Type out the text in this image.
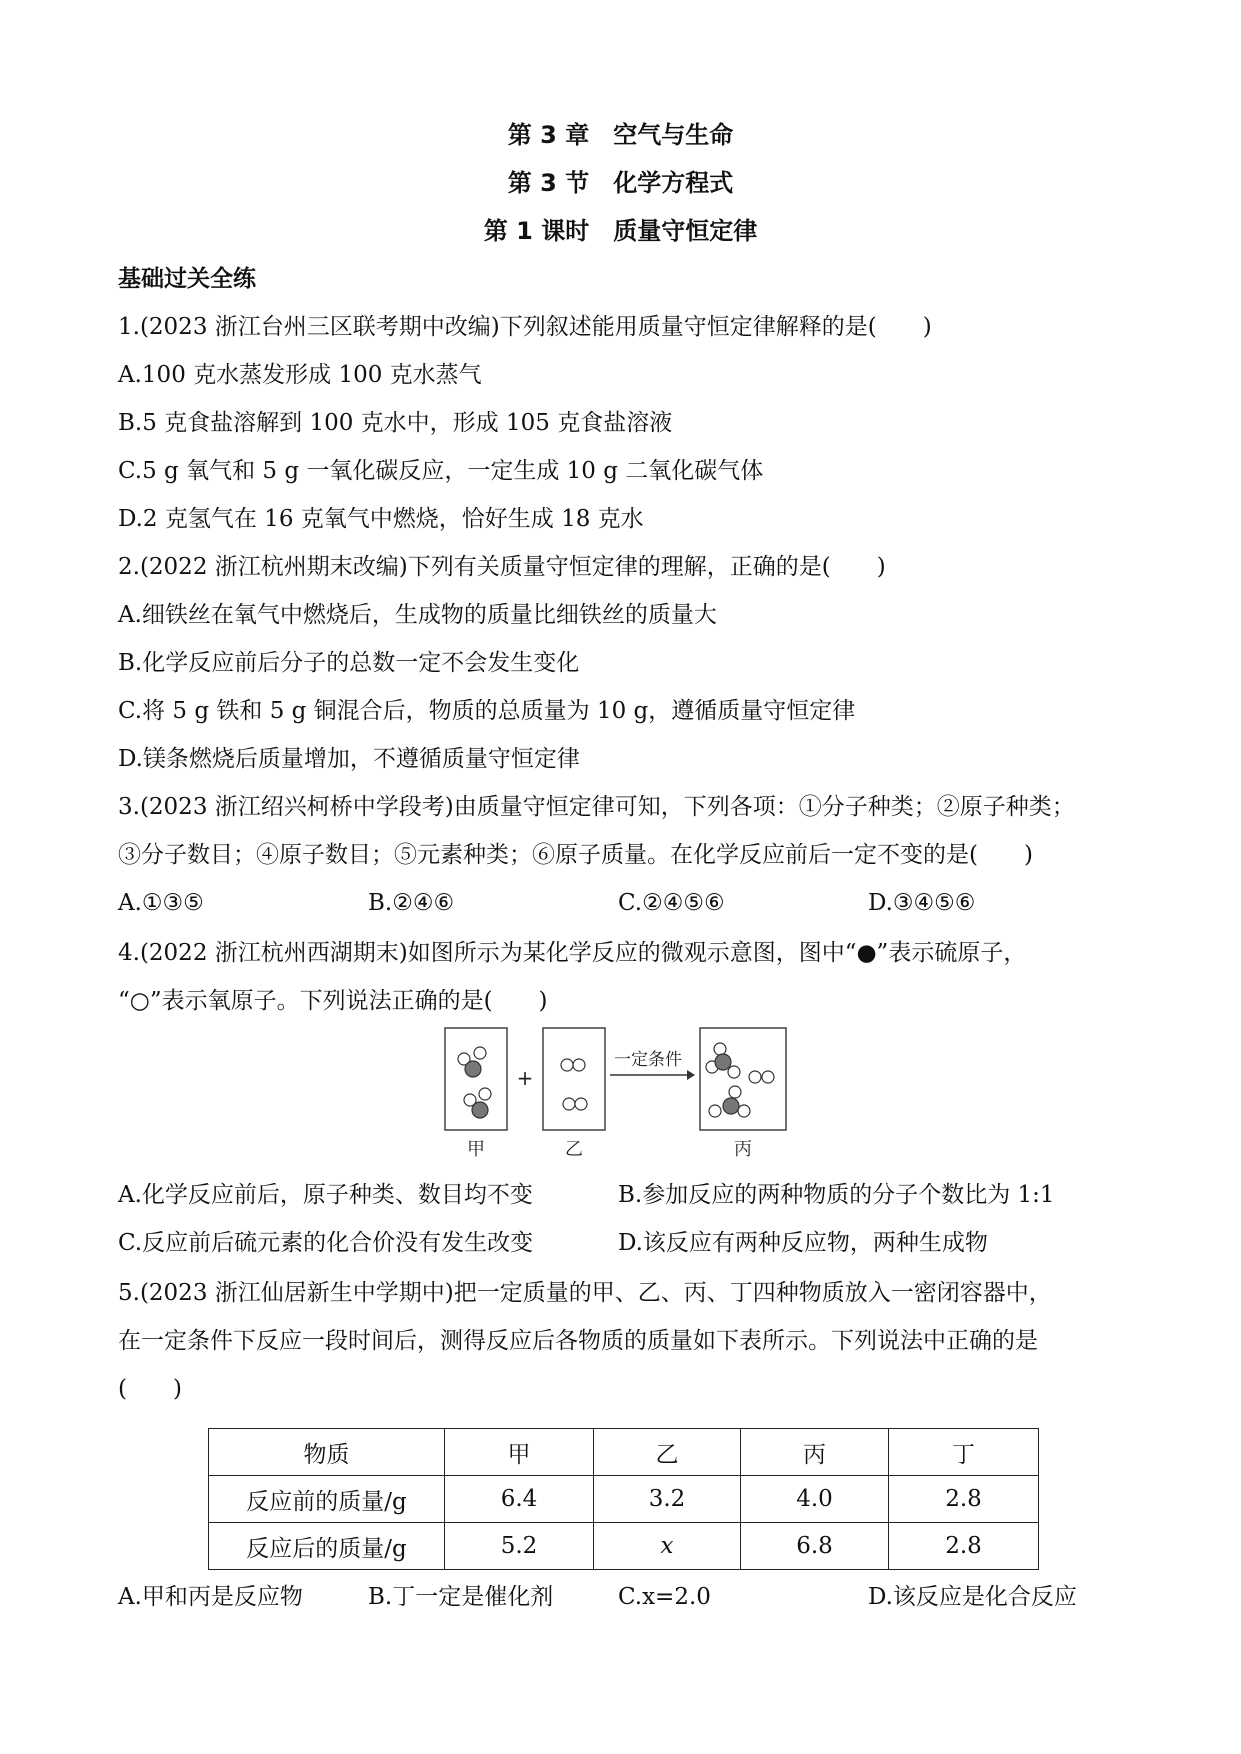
第 3 章　空气与生命
第 3 节　化学方程式
第 1 课时　质量守恒定律
基础过关全练
1.(2023 浙江台州三区联考期中改编)下列叙述能用质量守恒定律解释的是(　　)
A.100 克水蒸发形成 100 克水蒸气
B.5 克食盐溶解到 100 克水中，形成 105 克食盐溶液
C.5 g 氧气和 5 g 一氧化碳反应，一定生成 10 g 二氧化碳气体
D.2 克氢气在 16 克氧气中燃烧，恰好生成 18 克水
2.(2022 浙江杭州期末改编)下列有关质量守恒定律的理解，正确的是(　　)
A.细铁丝在氧气中燃烧后，生成物的质量比细铁丝的质量大
B.化学反应前后分子的总数一定不会发生变化
C.将 5 g 铁和 5 g 铜混合后，物质的总质量为 10 g，遵循质量守恒定律
D.镁条燃烧后质量增加，不遵循质量守恒定律
3.(2023 浙江绍兴柯桥中学段考)由质量守恒定律可知，下列各项：①分子种类；②原子种类；
③分子数目；④原子数目；⑤元素种类；⑥原子质量。在化学反应前后一定不变的是(　　)
A.①③⑤	B.②④⑥	C.②④⑤⑥	D.③④⑤⑥
4.(2022 浙江杭州西湖期末)如图所示为某化学反应的微观示意图，图中“●”表示硫原子，
“○”表示氧原子。下列说法正确的是(　　)
+
一定条件
甲	乙	丙
A.化学反应前后，原子种类、数目均不变	B.参加反应的两种物质的分子个数比为 1:1
C.反应前后硫元素的化合价没有发生改变	D.该反应有两种反应物，两种生成物
5.(2023 浙江仙居新生中学期中)把一定质量的甲、乙、丙、丁四种物质放入一密闭容器中，
在一定条件下反应一段时间后，测得反应后各物质的质量如下表所示。下列说法中正确的是
(　　)
物质	甲	乙	丙	丁
反应前的质量/g	6.4	3.2	4.0	2.8
反应后的质量/g	5.2	x	6.8	2.8
A.甲和丙是反应物	B.丁一定是催化剂	C.x=2.0	D.该反应是化合反应
